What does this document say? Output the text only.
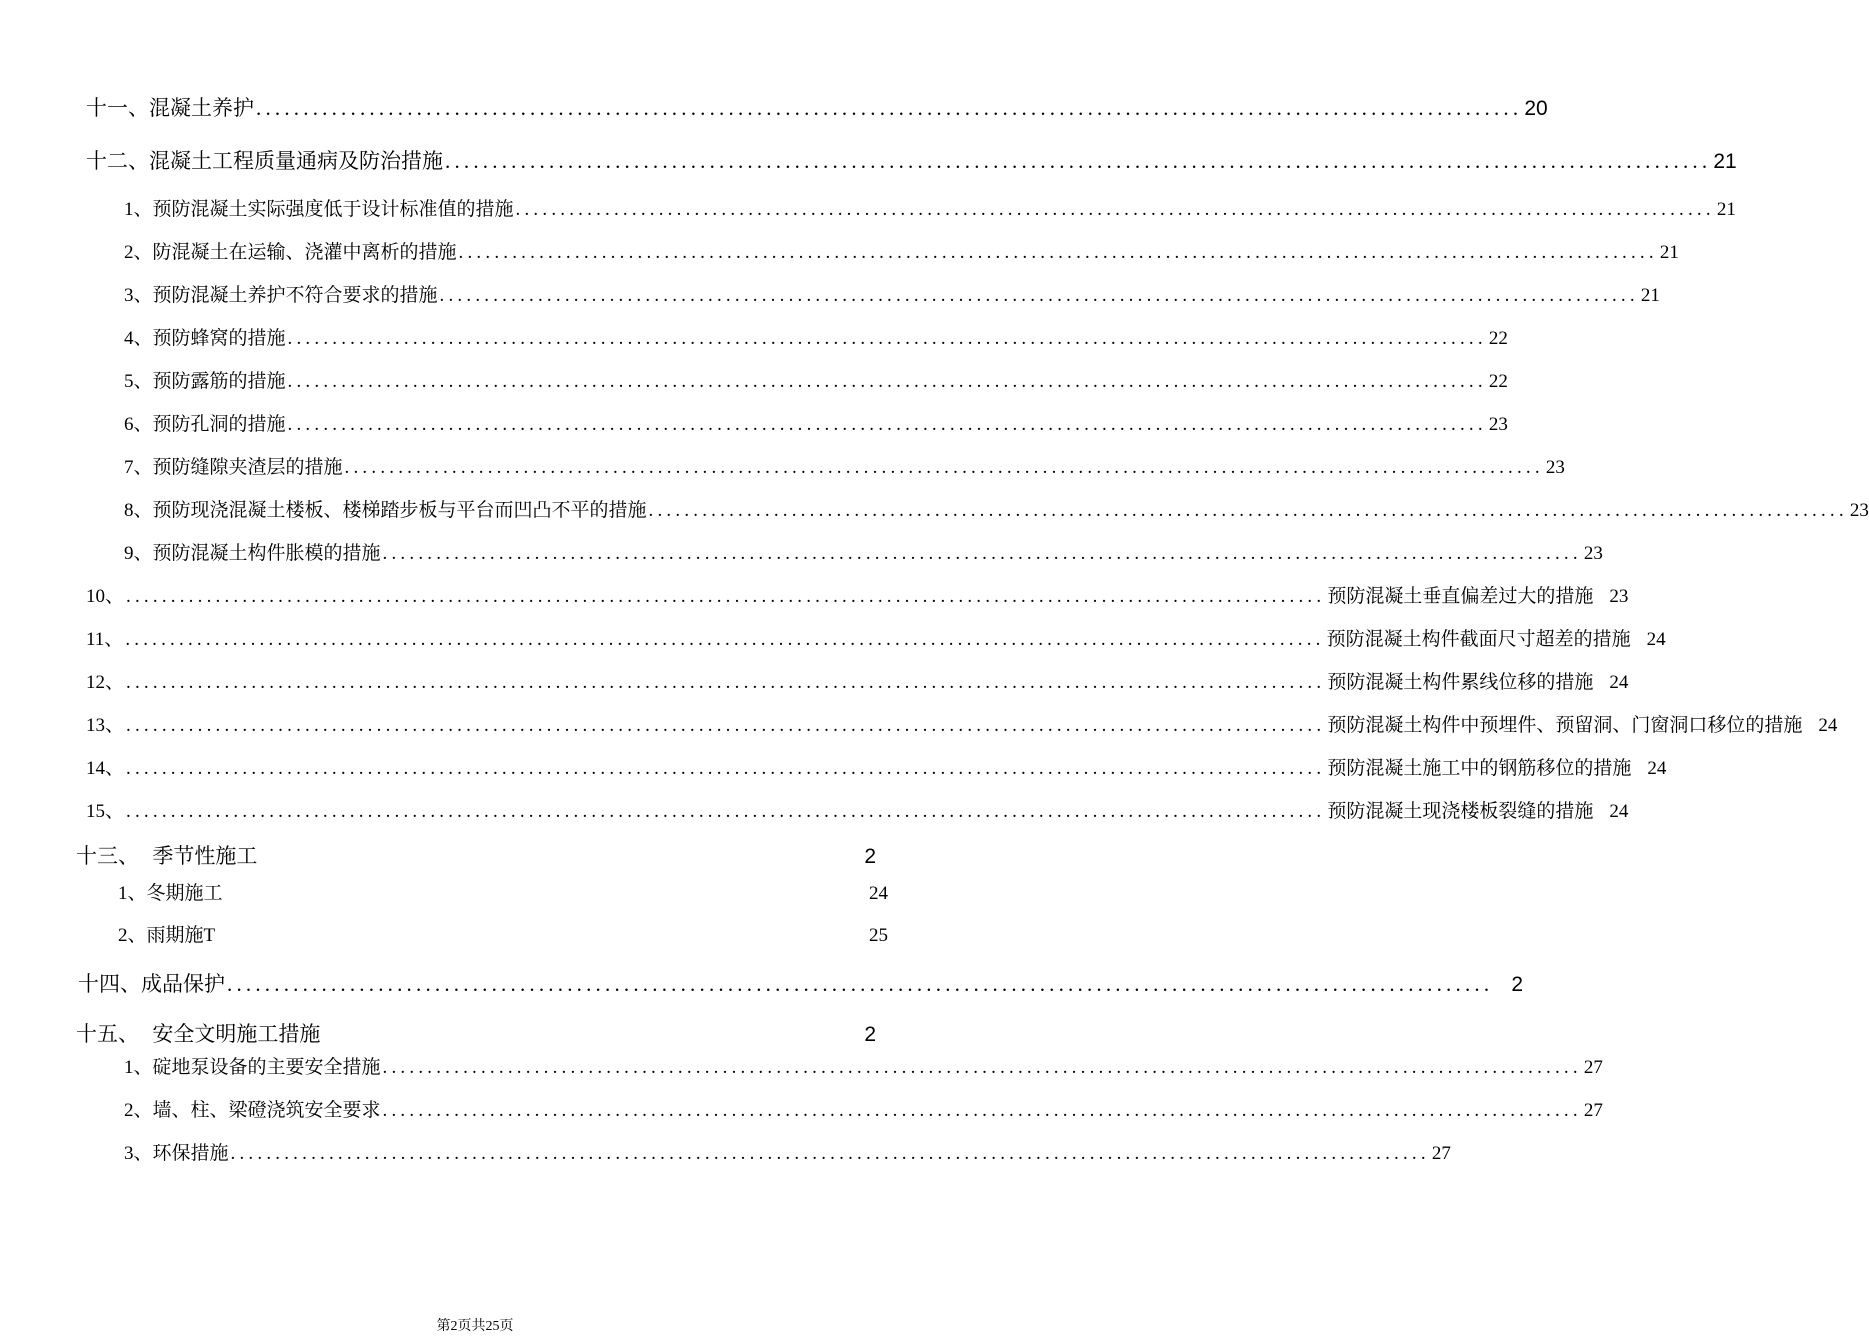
十一、混凝土养护 ...................................................................................................................................... 20
十二、混凝土工程质量通病及防治措施 ...................................................................................................................................... 21
1 、预防混凝土实际强度低于设计标准值的措施 ...................................................................................................................................... 21
2 、防混凝土在运输、浇灌中离析的措施 ...................................................................................................................................... 21
3 、预防混凝土养护不符合要求的措施 ...................................................................................................................................... 21
4 、预防蜂窝的措施 ...................................................................................................................................... 22
5 、预防露筋的措施 ...................................................................................................................................... 22
6 、预防孔洞的措施 ...................................................................................................................................... 23
7 、预防缝隙夹渣层的措施 ...................................................................................................................................... 23
8 、预防现浇混凝土楼板、楼梯踏步板与平台而凹凸不平的措施 ...................................................................................................................................... 23
9 、预防混凝土构件胀模的措施 ...................................................................................................................................... 23
10 、 ...................................................................................................................................... 预防混凝土垂直偏差过大的措施 23
11 、 ...................................................................................................................................... 预防混凝土构件截面尺寸超差的措施 24
12 、 ...................................................................................................................................... 预防混凝土构件累线位移的措施 24
13 、 ...................................................................................................................................... 预防混凝土构件中预埋件、预留洞、门窗洞口移位的措施 24
14 、 ...................................................................................................................................... 预防混凝土施工中的钢筋移位的措施 24
15 、 ...................................................................................................................................... 预防混凝土现浇楼板裂缝的措施 24
十三、  季节性施工	2
1 、冬期施工	24
2 、雨期施 T	25
十四、成品保护 ...................................................................................................................................... 2
十五、  安全文明施工措施	2
1 、碇地泵设备的主要安全措施 ...................................................................................................................................... 27
2 、墙、柱、梁磴浇筑安全要求 ...................................................................................................................................... 27
3 、环保措施 ...................................................................................................................................... 27
第2页共25页
